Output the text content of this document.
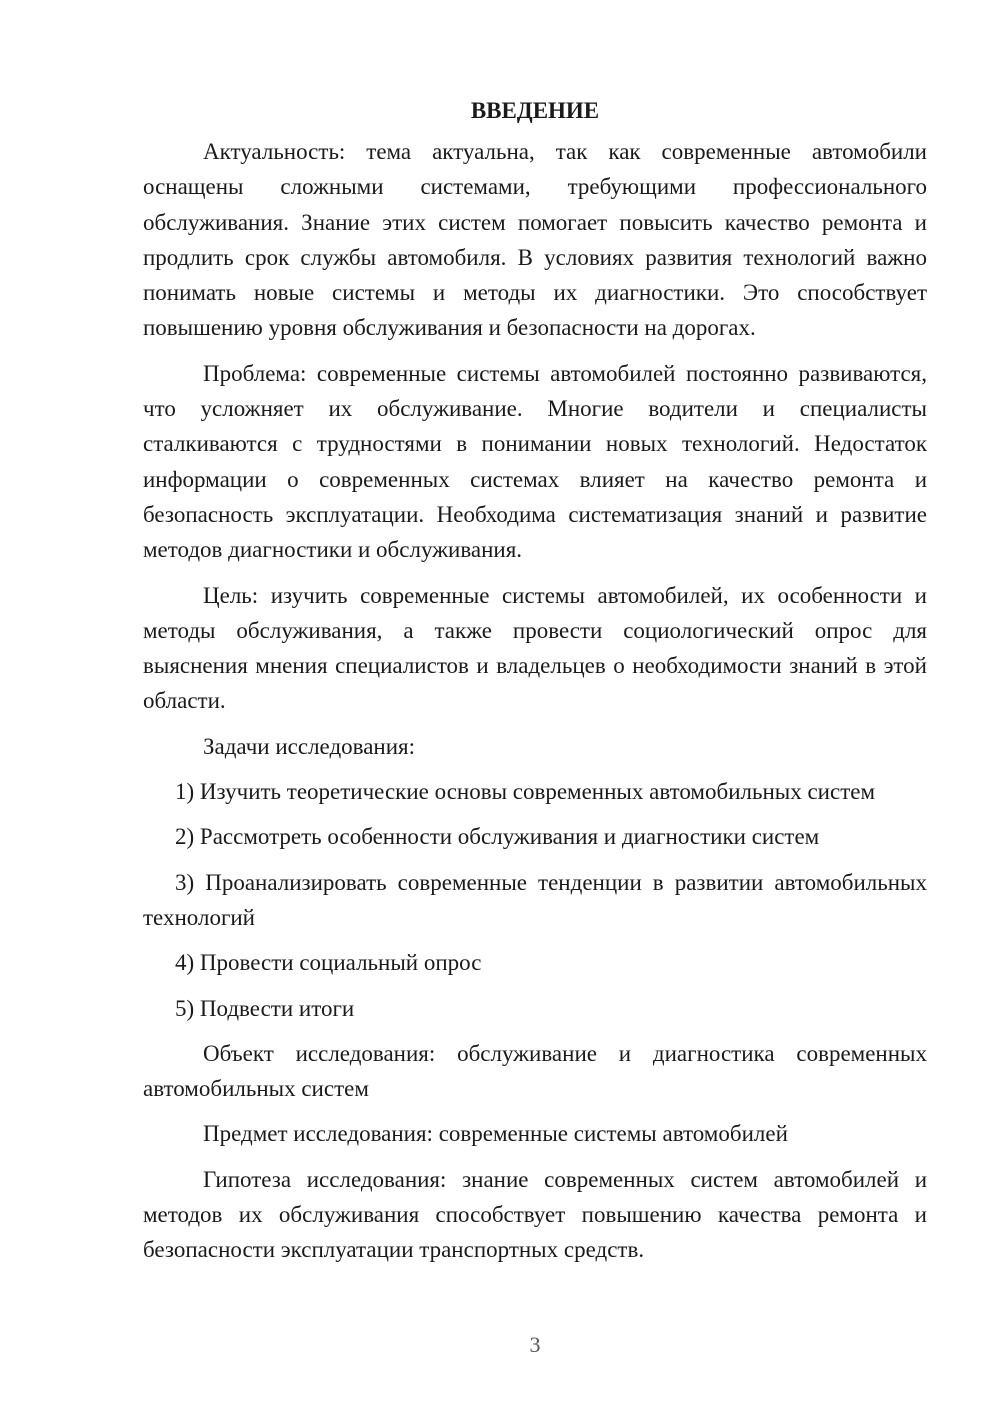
ВВЕДЕНИЕ

Актуальность: тема актуальна, так как современные автомобили оснащены сложными системами, требующими профессионального обслуживания. Знание этих систем помогает повысить качество ремонта и продлить срок службы автомобиля. В условиях развития технологий важно понимать новые системы и методы их диагностики. Это способствует повышению уровня обслуживания и безопасности на дорогах.

Проблема: современные системы автомобилей постоянно развиваются, что усложняет их обслуживание. Многие водители и специалисты сталкиваются с трудностями в понимании новых технологий. Недостаток информации о современных системах влияет на качество ремонта и безопасность эксплуатации. Необходима систематизация знаний и развитие методов диагностики и обслуживания.

Цель: изучить современные системы автомобилей, их особенности и методы обслуживания, а также провести социологический опрос для выяснения мнения специалистов и владельцев о необходимости знаний в этой области.

Задачи исследования:

1) Изучить теоретические основы современных автомобильных систем

2) Рассмотреть особенности обслуживания и диагностики систем

3) Проанализировать современные тенденции в развитии автомобильных технологий

4) Провести социальный опрос

5) Подвести итоги

Объект исследования: обслуживание и диагностика современных автомобильных систем

Предмет исследования: современные системы автомобилей

Гипотеза исследования: знание современных систем автомобилей и методов их обслуживания способствует повышению качества ремонта и безопасности эксплуатации транспортных средств.

3
